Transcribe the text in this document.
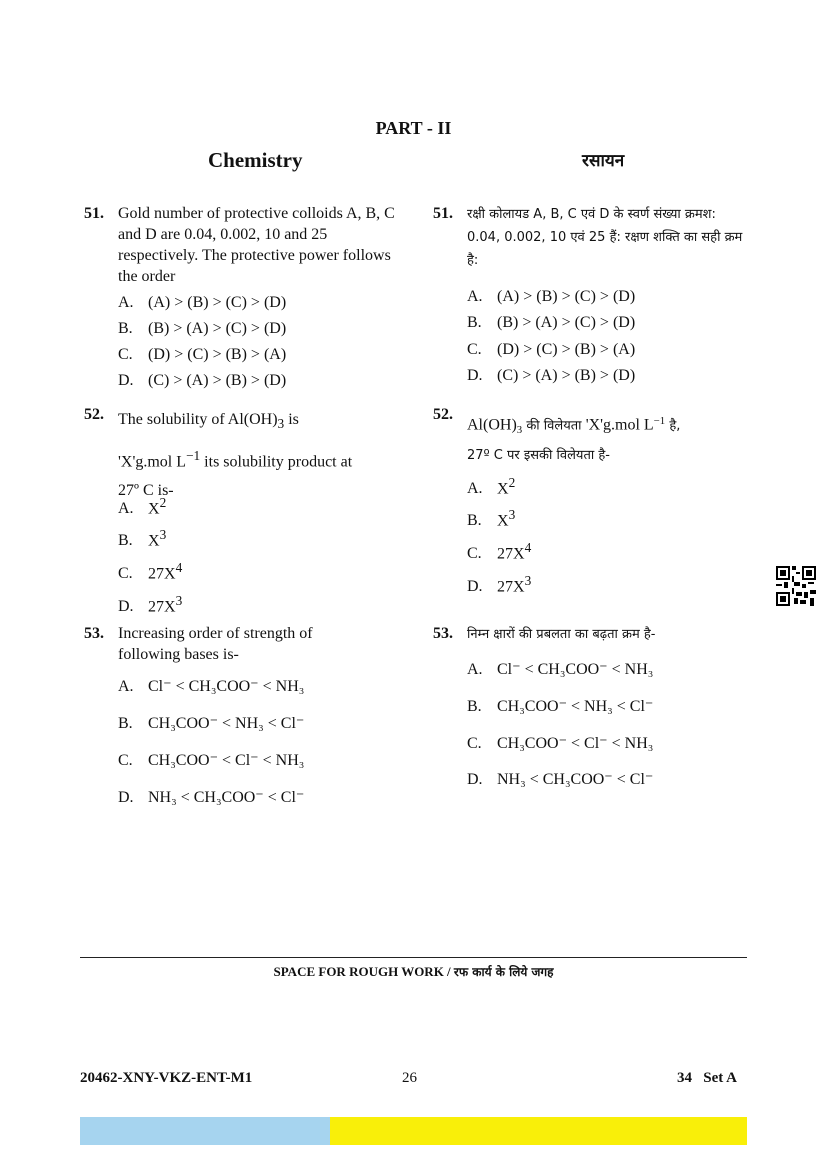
PART - II
Chemistry	रसायन
51. Gold number of protective colloids A, B, C and D are 0.04, 0.002, 10 and 25 respectively. The protective power follows the order
A. (A) > (B) > (C) > (D)
B. (B) > (A) > (C) > (D)
C. (D) > (C) > (B) > (A)
D. (C) > (A) > (B) > (D)
52. The solubility of $Al(OH)_3$ is
'X'g.mol $L^{-1}$ its solubility product at
27º C is-
A. $X^2$
B. $X^3$
C. $27X^4$
D. $27X^3$
53. Increasing order of strength of following bases is-
A. Cl⁻ < CH₃COO⁻ < NH₃
B. CH₃COO⁻ < NH₃ < Cl⁻
C. CH₃COO⁻ < Cl⁻ < NH₃
D. NH₃ < CH₃COO⁻ < Cl⁻
51. रक्षी कोलायड A, B, C एवं D के स्वर्ण संख्या क्रमश: 0.04, 0.002, 10 एवं 25 हैं: रक्षण शक्ति का सही क्रम है:
A. (A) > (B) > (C) > (D)
B. (B) > (A) > (C) > (D)
C. (D) > (C) > (B) > (A)
D. (C) > (A) > (B) > (D)
52.
$Al(OH)_3$ की विलेयता 'X'g.mol $L^{-1}$ है,
27º C पर इसकी विलेयता है-
A. $X^2$
B. $X^3$
C. $27X^4$
D. $27X^3$
53. निम्न क्षारों की प्रबलता का बढ़ता क्रम है-
A. Cl⁻ < CH₃COO⁻ < NH₃
B. CH₃COO⁻ < NH₃ < Cl⁻
C. CH₃COO⁻ < Cl⁻ < NH₃
D. NH₃ < CH₃COO⁻ < Cl⁻
SPACE FOR ROUGH WORK / रफ कार्य के लिये जगह
20462-XNY-VKZ-ENT-M1	26	34   Set A
